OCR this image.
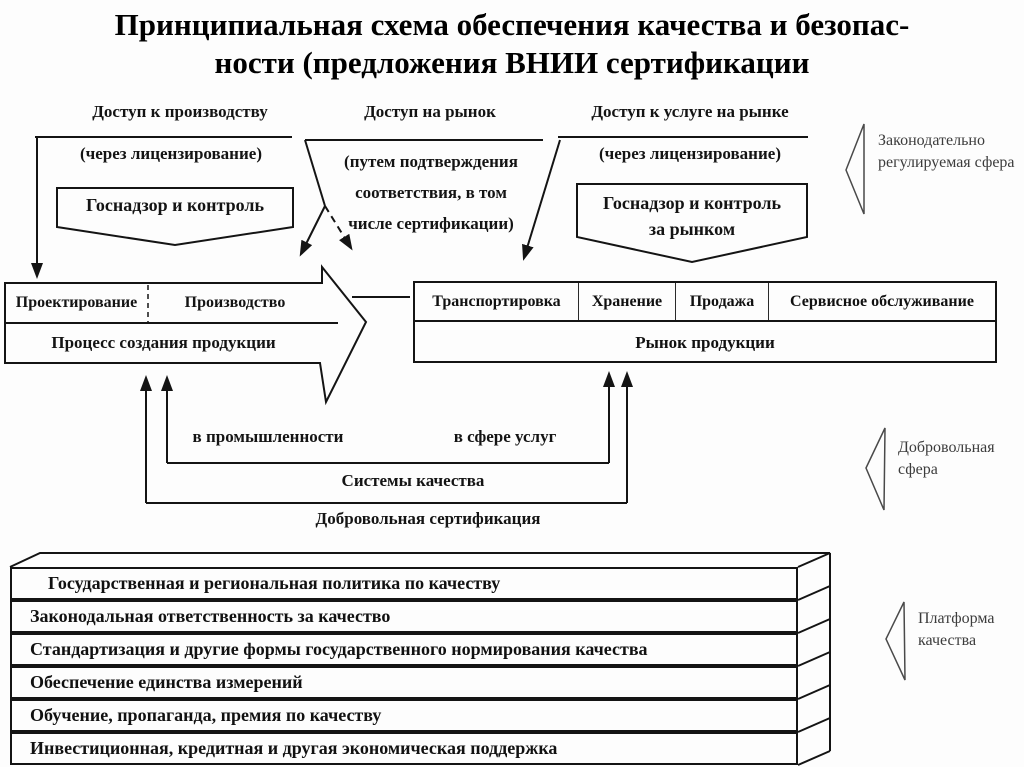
Принципиальная схема обеспечения качества и безопас-
ности (предложения ВНИИ сертификации
Доступ к производству
(через лицензирование)
Госнадзор и контроль
Доступ на рынок
(путем подтверждения соответствия, в том числе сертификации)
Доступ к услуге на рынке
(через лицензирование)
Госнадзор и контроль за рынком
Проектирование	Производство
Процесс создания продукции
Транспортировка	Хранение	Продажа	Сервисное обслуживание
Рынок продукции
в промышленности	в сфере услуг
Системы качества
Добровольная сертификация
Законодательно регулируемая сфера
Добровольная сфера
Платформа качества
Государственная и региональная политика по качеству
Законодальная ответственность за качество
Стандартизация и другие формы государственного нормирования качества
Обеспечение единства измерений
Обучение, пропаганда, премия по качеству
Инвестиционная, кредитная и другая экономическая поддержка
